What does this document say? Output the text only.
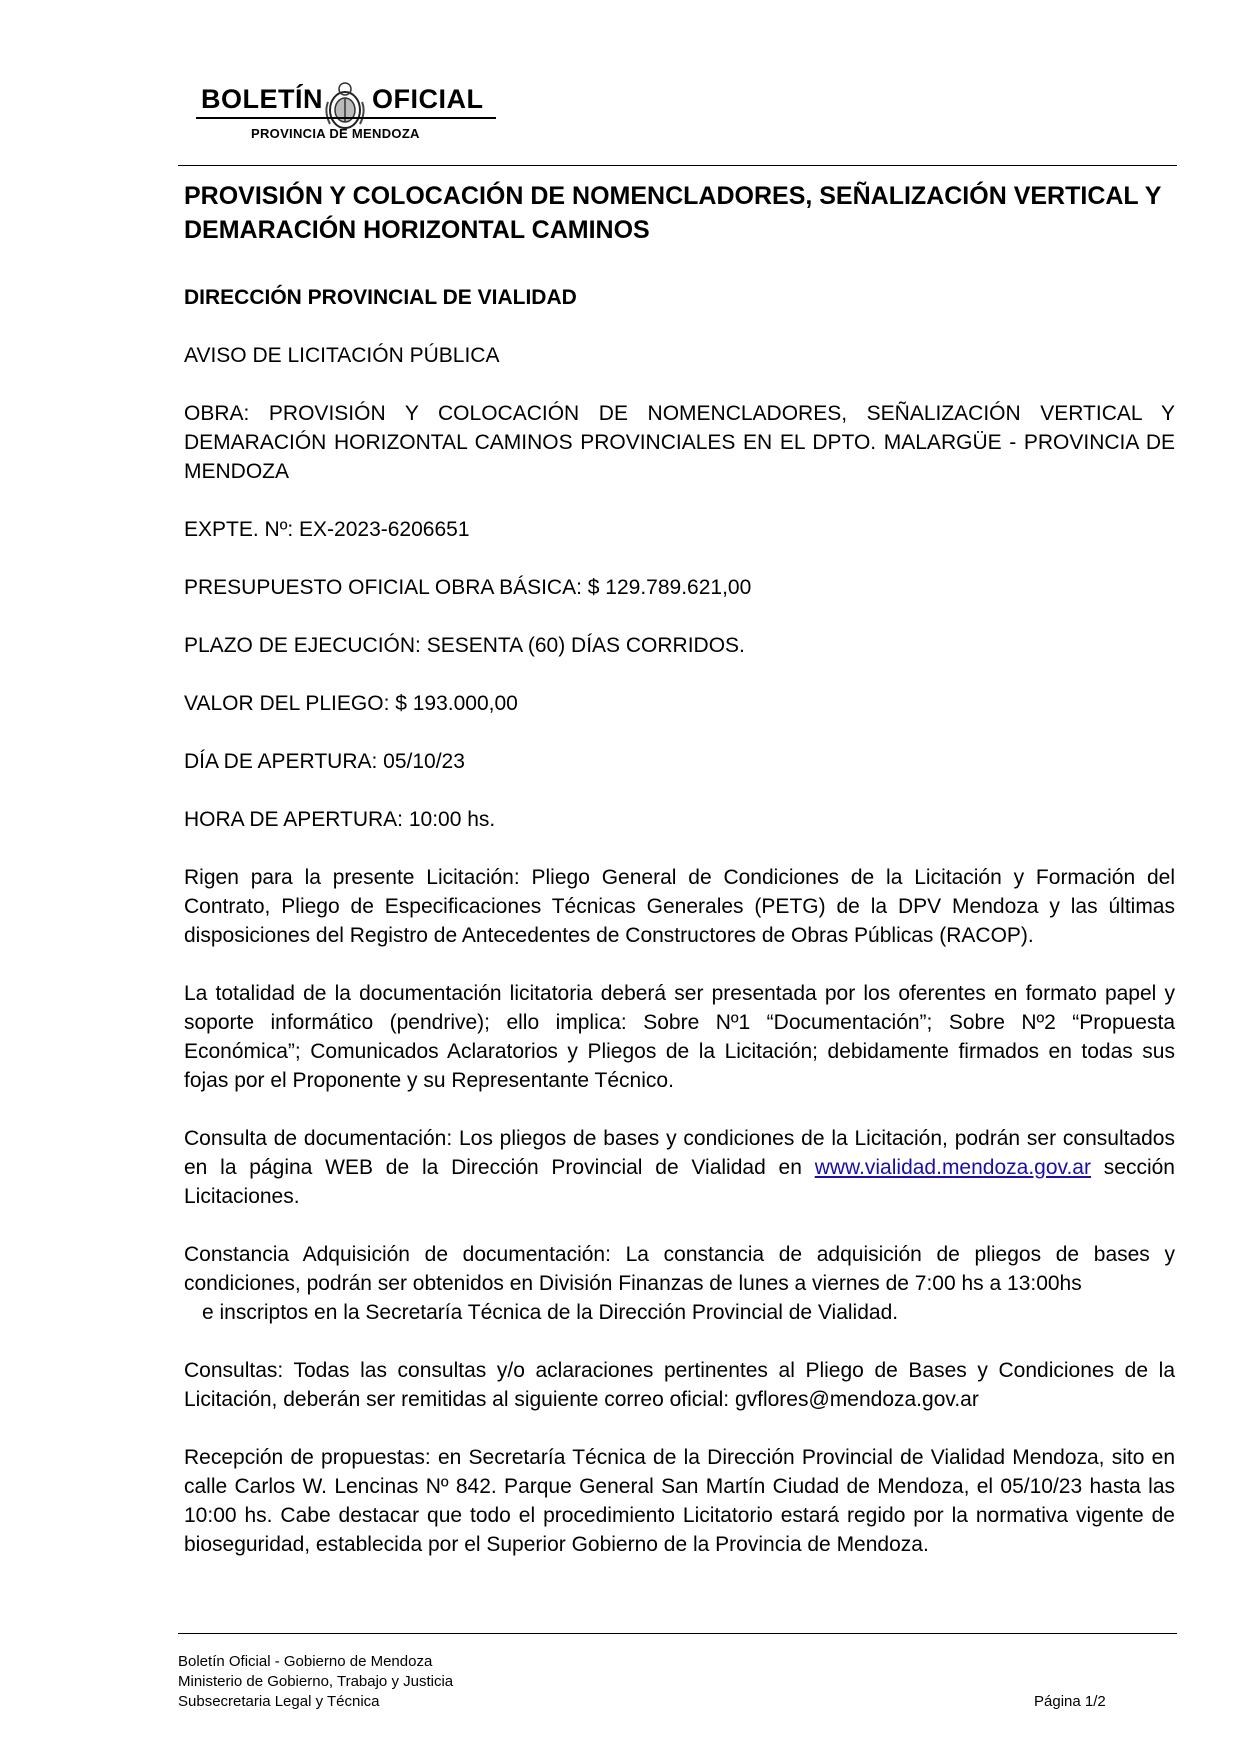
BOLETÍN OFICIAL
PROVINCIA DE MENDOZA
PROVISIÓN Y COLOCACIÓN DE NOMENCLADORES, SEÑALIZACIÓN VERTICAL Y DEMARACIÓN HORIZONTAL CAMINOS

DIRECCIÓN PROVINCIAL DE VIALIDAD

AVISO DE LICITACIÓN PÚBLICA

OBRA: PROVISIÓN Y COLOCACIÓN DE NOMENCLADORES, SEÑALIZACIÓN VERTICAL Y DEMARACIÓN HORIZONTAL CAMINOS PROVINCIALES EN EL DPTO. MALARGÜE - PROVINCIA DE MENDOZA

EXPTE. Nº: EX-2023-6206651

PRESUPUESTO OFICIAL OBRA BÁSICA: $ 129.789.621,00

PLAZO DE EJECUCIÓN: SESENTA (60) DÍAS CORRIDOS.

VALOR DEL PLIEGO: $ 193.000,00

DÍA DE APERTURA: 05/10/23

HORA DE APERTURA: 10:00 hs.

Rigen para la presente Licitación: Pliego General de Condiciones de la Licitación y Formación del Contrato, Pliego de Especificaciones Técnicas Generales (PETG) de la DPV Mendoza y las últimas disposiciones del Registro de Antecedentes de Constructores de Obras Públicas (RACOP).

La totalidad de la documentación licitatoria deberá ser presentada por los oferentes en formato papel y soporte informático (pendrive); ello implica: Sobre Nº1 “Documentación”; Sobre Nº2 “Propuesta Económica”; Comunicados Aclaratorios y Pliegos de la Licitación; debidamente firmados en todas sus fojas por el Proponente y su Representante Técnico.

Consulta de documentación: Los pliegos de bases y condiciones de la Licitación, podrán ser consultados en la página WEB de la Dirección Provincial de Vialidad en www.vialidad.mendoza.gov.ar sección Licitaciones.

Constancia Adquisición de documentación: La constancia de adquisición de pliegos de bases y condiciones, podrán ser obtenidos en División Finanzas de lunes a viernes de 7:00 hs a 13:00hs
e inscriptos en la Secretaría Técnica de la Dirección Provincial de Vialidad.

Consultas: Todas las consultas y/o aclaraciones pertinentes al Pliego de Bases y Condiciones de la Licitación, deberán ser remitidas al siguiente correo oficial: gvflores@mendoza.gov.ar

Recepción de propuestas: en Secretaría Técnica de la Dirección Provincial de Vialidad Mendoza, sito en calle Carlos W. Lencinas Nº 842. Parque General San Martín Ciudad de Mendoza, el 05/10/23 hasta las 10:00 hs. Cabe destacar que todo el procedimiento Licitatorio estará regido por la normativa vigente de bioseguridad, establecida por el Superior Gobierno de la Provincia de Mendoza.

Boletín Oficial - Gobierno de Mendoza
Ministerio de Gobierno, Trabajo y Justicia
Subsecretaria Legal y Técnica	Página 1/2
